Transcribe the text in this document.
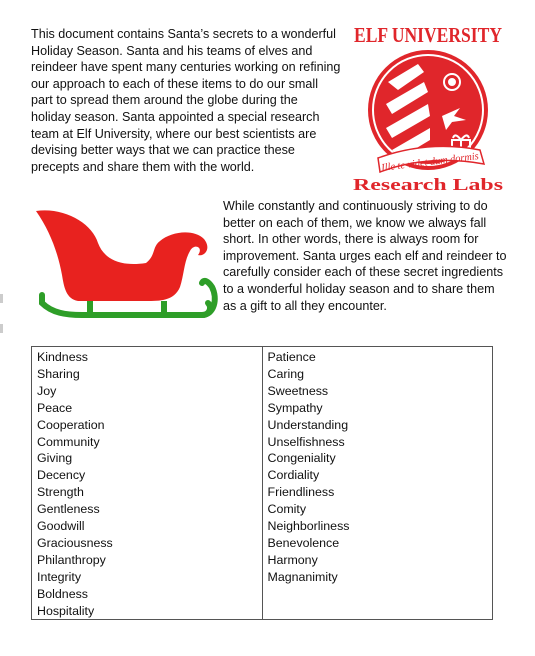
This document contains Santa’s secrets to a wonderful Holiday Season. Santa and his teams of elves and reindeer have spent many centuries working on refining our approach to each of these items to do our small part to spread them around the globe during the holiday season. Santa appointed a special research team at Elf University, where our best scientists are devising better ways that we can practice these precepts and share them with the world.

ELF UNIVERSITY
Ille te videt dum dormis
Research Labs

While constantly and continuously striving to do better on each of them, we know we always fall short. In other words, there is always room for improvement. Santa urges each elf and reindeer to carefully consider each of these secret ingredients to a wonderful holiday season and to share them as a gift to all they encounter.

Kindness
Sharing
Joy
Peace
Cooperation
Community
Giving
Decency
Strength
Gentleness
Goodwill
Graciousness
Philanthropy
Integrity
Boldness
Hospitality
Patience
Caring
Sweetness
Sympathy
Understanding
Unselfishness
Congeniality
Cordiality
Friendliness
Comity
Neighborliness
Benevolence
Harmony
Magnanimity
